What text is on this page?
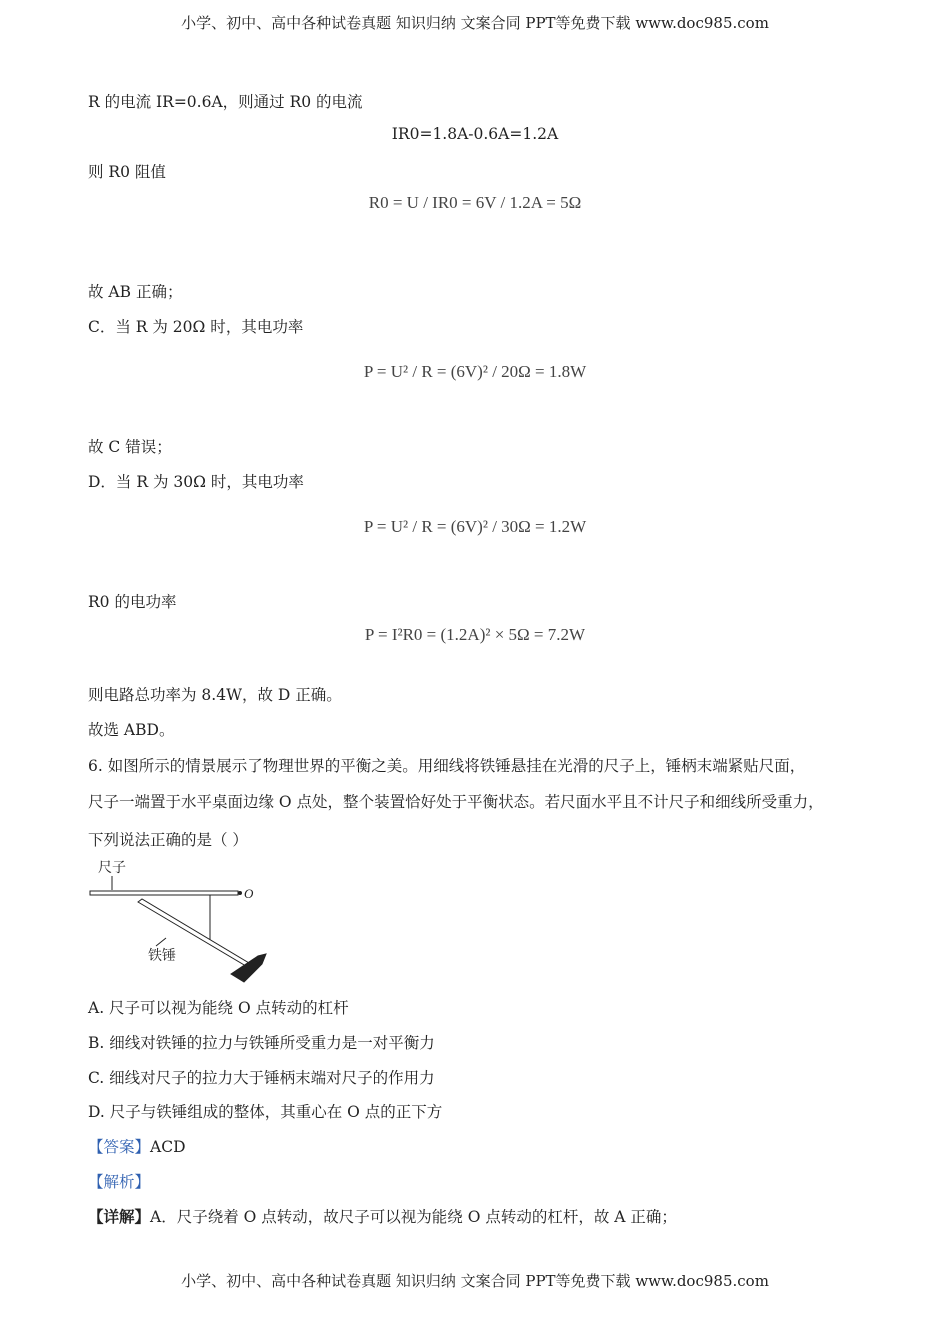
小学、初中、高中各种试卷真题 知识归纳 文案合同 PPT等免费下载 www.doc985.com
R 的电流 IR=0.6A，则通过 R0 的电流
IR0=1.8A-0.6A=1.2A
则 R0 阻值
R0 = U / IR0 = 6V / 1.2A = 5Ω
故 AB 正确；
C．当 R 为 20Ω 时，其电功率
P = U² / R = (6V)² / 20Ω = 1.8W
故 C 错误；
D．当 R 为 30Ω 时，其电功率
P = U² / R = (6V)² / 30Ω = 1.2W
R0 的电功率
P = I²R0 = (1.2A)² × 5Ω = 7.2W
则电路总功率为 8.4W，故 D 正确。
故选 ABD。
6. 如图所示的情景展示了物理世界的平衡之美。用细线将铁锤悬挂在光滑的尺子上，锤柄末端紧贴尺面，
尺子一端置于水平桌面边缘 O 点处，整个装置恰好处于平衡状态。若尺面水平且不计尺子和细线所受重力，
下列说法正确的是（ ）
尺子
O
铁锤
A. 尺子可以视为能绕 O 点转动的杠杆
B. 细线对铁锤的拉力与铁锤所受重力是一对平衡力
C. 细线对尺子的拉力大于锤柄末端对尺子的作用力
D. 尺子与铁锤组成的整体，其重心在 O 点的正下方
【答案】ACD
【解析】
【详解】A．尺子绕着 O 点转动，故尺子可以视为能绕 O 点转动的杠杆，故 A 正确；
小学、初中、高中各种试卷真题 知识归纳 文案合同 PPT等免费下载 www.doc985.com
